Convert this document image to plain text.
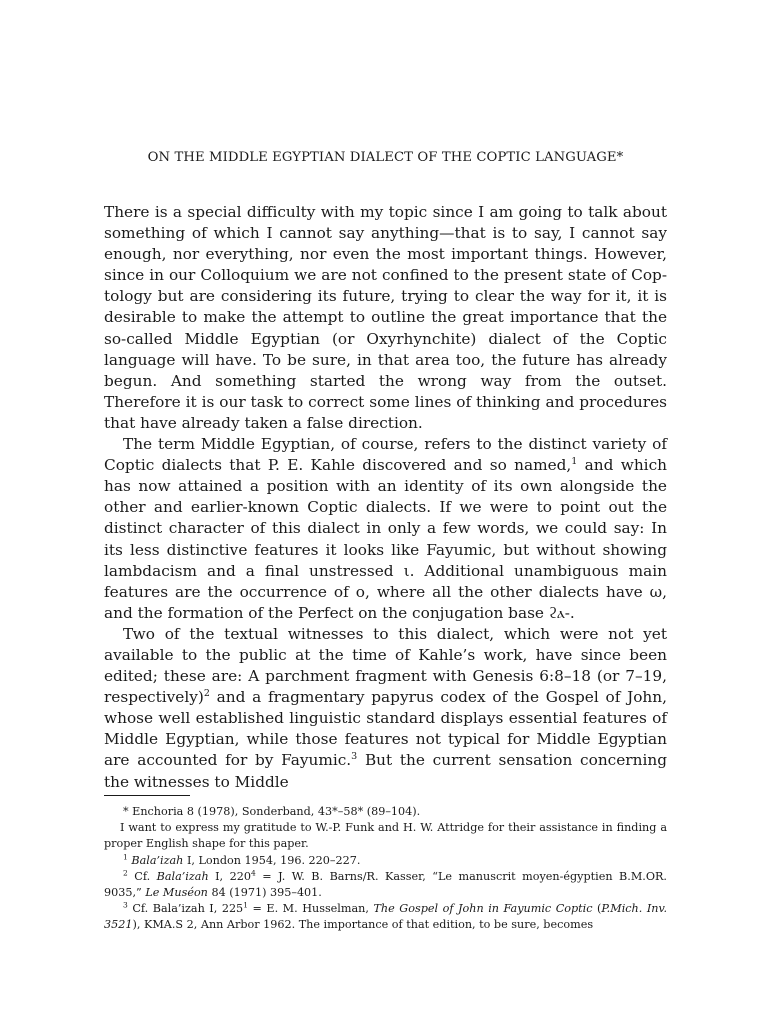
ON THE MIDDLE EGYPTIAN DIALECT OF THE COPTIC LANGUAGE*

There is a special difficulty with my topic since I am going to talk about something of which I cannot say anything—that is to say, I cannot say enough, nor everything, nor even the most important things. However, since in our Colloquium we are not confined to the present state of Coptology but are considering its future, trying to clear the way for it, it is desirable to make the attempt to outline the great importance that the so-called Middle Egyptian (or Oxyrhynchite) dialect of the Coptic language will have. To be sure, in that area too, the future has already begun. And something started the wrong way from the outset. Therefore it is our task to correct some lines of thinking and procedures that have already taken a false direction.

The term Middle Egyptian, of course, refers to the distinct variety of Coptic dialects that P. E. Kahle discovered and so named,$^1$ and which has now attained a position with an identity of its own alongside the other and earlier-known Coptic dialects. If we were to point out the distinct character of this dialect in only a few words, we could say: In its less distinctive features it looks like Fayumic, but without showing lambdacism and a final unstressed ι. Additional unambiguous main features are the occurrence of o, where all the other dialects have ω, and the formation of the Perfect on the conjugation base ϩⲁ-.

Two of the textual witnesses to this dialect, which were not yet available to the public at the time of Kahle’s work, have since been edited; these are: A parchment fragment with Genesis 6:8–18 (or 7–19, respectively)$^2$ and a fragmentary papyrus codex of the Gospel of John, whose well established linguistic standard displays essential features of Middle Egyptian, while those features not typical for Middle Egyptian are accounted for by Fayumic.$^3$ But the current sensation concerning the witnesses to Middle

* Enchoria 8 (1978), Sonderband, 43*–58* (89–104).

I want to express my gratitude to W.-P. Funk and H. W. Attridge for their assistance in finding a proper English shape for this paper.

$^1$ Bala’izah I, London 1954, 196. 220–227.

$^2$ Cf. Bala’izah I, $220^4 = J$. W. B. Barns/R. Kasser, “Le manuscrit moyen-égyptien B.M.OR. 9035,” Le Muséon 84 (1971) 395–401.

$^3$ Cf. Bala’izah I, $225^1 = E$. M. Husselman, The Gospel of John in Fayumic Coptic (P.Mich. Inv. 3521), KMA.S 2, Ann Arbor 1962. The importance of that edition, to be sure, becomes
